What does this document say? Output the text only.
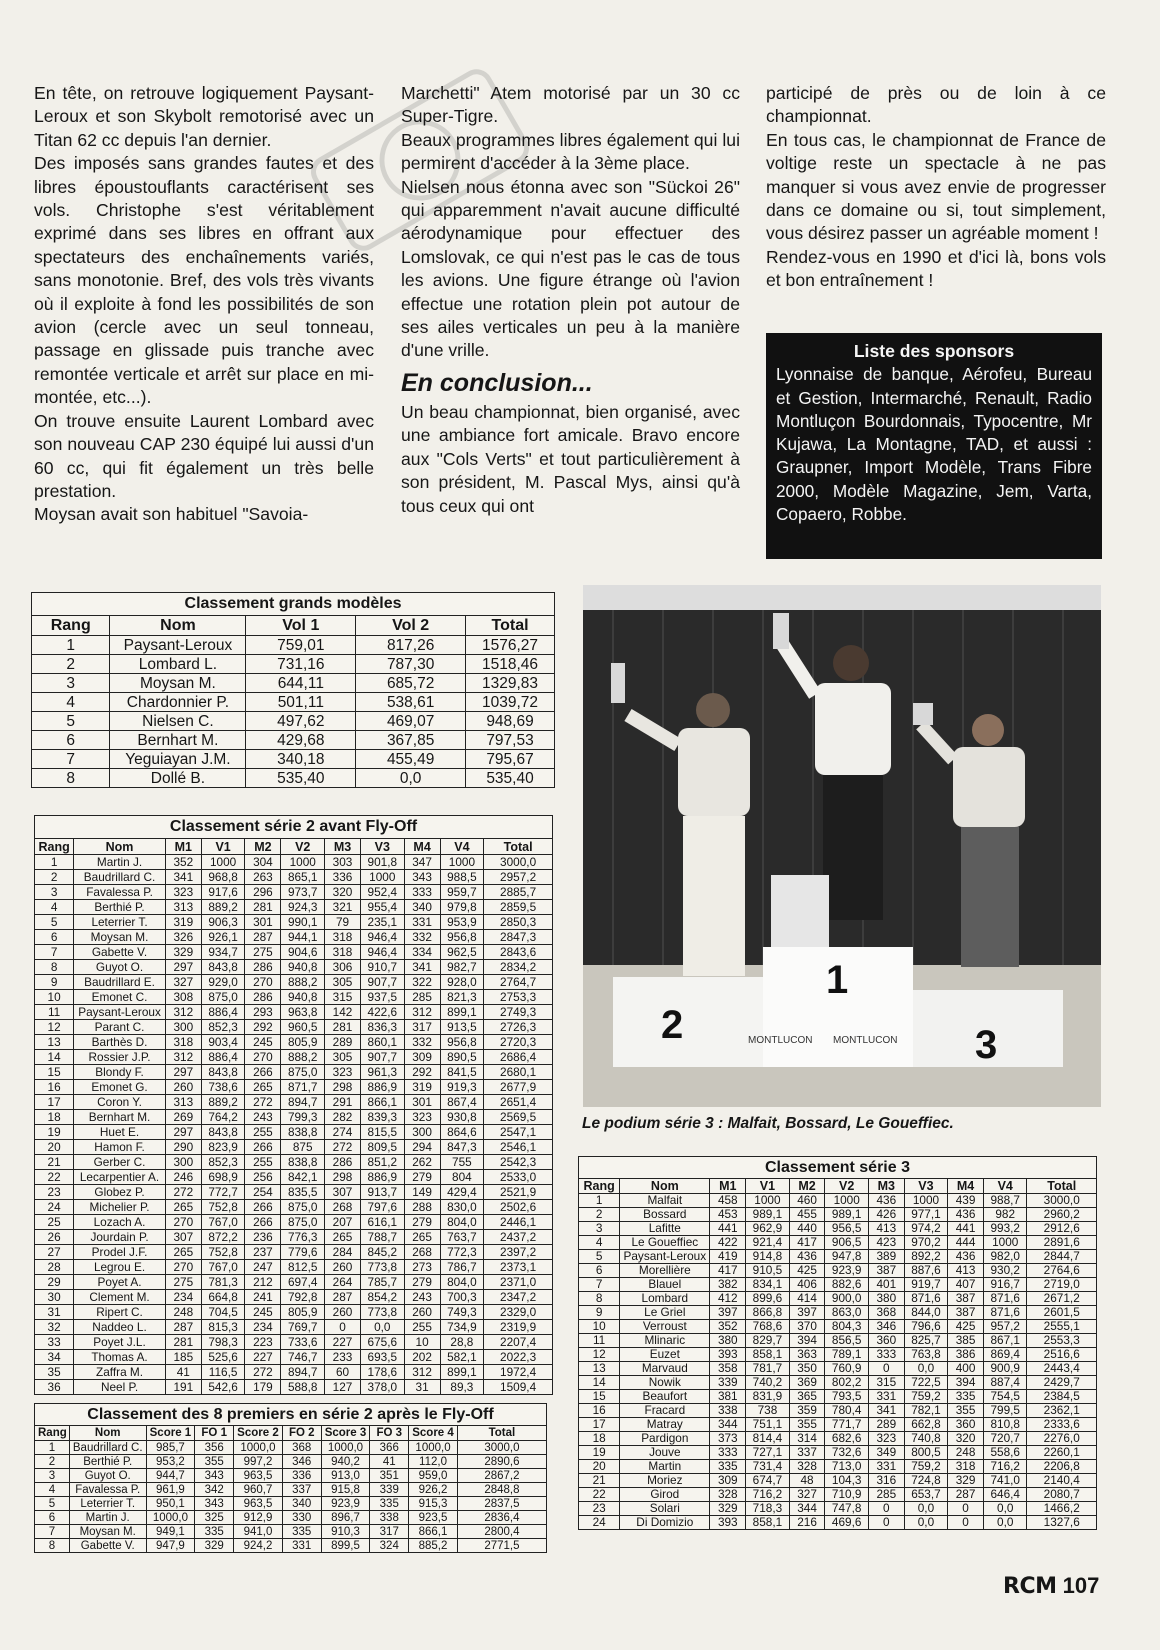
En tête, on retrouve logiquement Paysant-Leroux et son Skybolt remotorisé avec un Titan 62 cc depuis l'an dernier.

Des imposés sans grandes fautes et des libres époustouflants caractérisent ses vols. Christophe s'est véritablement exprimé dans ses libres en offrant aux spectateurs des enchaînements variés, sans monotonie. Bref, des vols très vivants où il exploite à fond les possibilités de son avion (cercle avec un seul tonneau, passage en glissade puis tranche avec remontée verticale et arrêt sur place en mi-montée, etc...).

On trouve ensuite Laurent Lombard avec son nouveau CAP 230 équipé lui aussi d'un 60 cc, qui fit également un très belle prestation.

Moysan avait son habituel "Savoia-

Marchetti" Atem motorisé par un 30 cc Super-Tigre.

Beaux programmes libres également qui lui permirent d'accéder à la 3ème place.

Nielsen nous étonna avec son "Sückoi 26" qui apparemment n'avait aucune difficulté aérodynamique pour effectuer des Lomslovak, ce qui n'est pas le cas de tous les avions. Une figure étrange où l'avion effectue une rotation plein pot autour de ses ailes verticales un peu à la manière d'une vrille.

En conclusion...

Un beau championnat, bien organisé, avec une ambiance fort amicale. Bravo encore aux "Cols Verts" et tout particulièrement à son président, M. Pascal Mys, ainsi qu'à tous ceux qui ont

participé de près ou de loin à ce championnat.

En tous cas, le championnat de France de voltige reste un spectacle à ne pas manquer si vous avez envie de progresser dans ce domaine ou si, tout simplement, vous désirez passer un agréable moment !

Rendez-vous en 1990 et d'ici là, bons vols et bon entraînement !

Liste des sponsors
Lyonnaise de banque, Aérofeu, Bureau et Gestion, Intermarché, Renault, Radio Montluçon Bourdonnais, Typocentre, Mr Kujawa, La Montagne, TAD, et aussi : Graupner, Import Modèle, Trans Fibre 2000, Modèle Magazine, Jem, Varta, Copaero, Robbe.
Classement grands modèles
Rang	Nom	Vol 1	Vol 2	Total
1	Paysant-Leroux	759,01	817,26	1576,27
2	Lombard L.	731,16	787,30	1518,46
3	Moysan M.	644,11	685,72	1329,83
4	Chardonnier P.	501,11	538,61	1039,72
5	Nielsen C.	497,62	469,07	948,69
6	Bernhart M.	429,68	367,85	797,53
7	Yeguiayan J.M.	340,18	455,49	795,67
8	Dollé B.	535,40	0,0	535,40
Classement série 2 avant Fly-Off
Rang	Nom	M1	V1	M2	V2	M3	V3	M4	V4	Total
1	Martin J.	352	1000	304	1000	303	901,8	347	1000	3000,0
2	Baudrillard C.	341	968,8	263	865,1	336	1000	343	988,5	2957,2
3	Favalessa P.	323	917,6	296	973,7	320	952,4	333	959,7	2885,7
4	Berthié P.	313	889,2	281	924,3	321	955,4	340	979,8	2859,5
5	Leterrier T.	319	906,3	301	990,1	79	235,1	331	953,9	2850,3
6	Moysan M.	326	926,1	287	944,1	318	946,4	332	956,8	2847,3
7	Gabette V.	329	934,7	275	904,6	318	946,4	334	962,5	2843,6
8	Guyot O.	297	843,8	286	940,8	306	910,7	341	982,7	2834,2
9	Baudrillard E.	327	929,0	270	888,2	305	907,7	322	928,0	2764,7
10	Emonet C.	308	875,0	286	940,8	315	937,5	285	821,3	2753,3
11	Paysant-Leroux	312	886,4	293	963,8	142	422,6	312	899,1	2749,3
12	Parant C.	300	852,3	292	960,5	281	836,3	317	913,5	2726,3
13	Barthès D.	318	903,4	245	805,9	289	860,1	332	956,8	2720,3
14	Rossier J.P.	312	886,4	270	888,2	305	907,7	309	890,5	2686,4
15	Blondy F.	297	843,8	266	875,0	323	961,3	292	841,5	2680,1
16	Emonet G.	260	738,6	265	871,7	298	886,9	319	919,3	2677,9
17	Coron Y.	313	889,2	272	894,7	291	866,1	301	867,4	2651,4
18	Bernhart M.	269	764,2	243	799,3	282	839,3	323	930,8	2569,5
19	Huet E.	297	843,8	255	838,8	274	815,5	300	864,6	2547,1
20	Hamon F.	290	823,9	266	875	272	809,5	294	847,3	2546,1
21	Gerber C.	300	852,3	255	838,8	286	851,2	262	755	2542,3
22	Lecarpentier A.	246	698,9	256	842,1	298	886,9	279	804	2533,0
23	Globez P.	272	772,7	254	835,5	307	913,7	149	429,4	2521,9
24	Michelier P.	265	752,8	266	875,0	268	797,6	288	830,0	2502,6
25	Lozach A.	270	767,0	266	875,0	207	616,1	279	804,0	2446,1
26	Jourdain P.	307	872,2	236	776,3	265	788,7	265	763,7	2437,2
27	Prodel J.F.	265	752,8	237	779,6	284	845,2	268	772,3	2397,2
28	Legrou E.	270	767,0	247	812,5	260	773,8	273	786,7	2373,1
29	Poyet A.	275	781,3	212	697,4	264	785,7	279	804,0	2371,0
30	Clement M.	234	664,8	241	792,8	287	854,2	243	700,3	2347,2
31	Ripert C.	248	704,5	245	805,9	260	773,8	260	749,3	2329,0
32	Naddeo L.	287	815,3	234	769,7	0	0,0	255	734,9	2319,9
33	Poyet J.L.	281	798,3	223	733,6	227	675,6	10	28,8	2207,4
34	Thomas A.	185	525,6	227	746,7	233	693,5	202	582,1	2022,3
35	Zaffra M.	41	116,5	272	894,7	60	178,6	312	899,1	1972,4
36	Neel P.	191	542,6	179	588,8	127	378,0	31	89,3	1509,4
Classement des 8 premiers en série 2 après le Fly-Off
Rang	Nom	Score 1	FO 1	Score 2	FO 2	Score 3	FO 3	Score 4	Total
1	Baudrillard C.	985,7	356	1000,0	368	1000,0	366	1000,0	3000,0
2	Berthié P.	953,2	355	997,2	346	940,2	41	112,0	2890,6
3	Guyot O.	944,7	343	963,5	336	913,0	351	959,0	2867,2
4	Favalessa P.	961,9	342	960,7	337	915,8	339	926,2	2848,8
5	Leterrier T.	950,1	343	963,5	340	923,9	335	915,3	2837,5
6	Martin J.	1000,0	325	912,9	330	896,7	338	923,5	2836,4
7	Moysan M.	949,1	335	941,0	335	910,3	317	866,1	2800,4
8	Gabette V.	947,9	329	924,2	331	899,5	324	885,2	2771,5
Classement série 3
Rang	Nom	M1	V1	M2	V2	M3	V3	M4	V4	Total
1	Malfait	458	1000	460	1000	436	1000	439	988,7	3000,0
2	Bossard	453	989,1	455	989,1	426	977,1	436	982	2960,2
3	Lafitte	441	962,9	440	956,5	413	974,2	441	993,2	2912,6
4	Le Goueffiec	422	921,4	417	906,5	423	970,2	444	1000	2891,6
5	Paysant-Leroux	419	914,8	436	947,8	389	892,2	436	982,0	2844,7
6	Morellière	417	910,5	425	923,9	387	887,6	413	930,2	2764,6
7	Blauel	382	834,1	406	882,6	401	919,7	407	916,7	2719,0
8	Lombard	412	899,6	414	900,0	380	871,6	387	871,6	2671,2
9	Le Griel	397	866,8	397	863,0	368	844,0	387	871,6	2601,5
10	Verroust	352	768,6	370	804,3	346	796,6	425	957,2	2555,1
11	Mlinaric	380	829,7	394	856,5	360	825,7	385	867,1	2553,3
12	Euzet	393	858,1	363	789,1	333	763,8	386	869,4	2516,6
13	Marvaud	358	781,7	350	760,9	0	0,0	400	900,9	2443,4
14	Nowik	339	740,2	369	802,2	315	722,5	394	887,4	2429,7
15	Beaufort	381	831,9	365	793,5	331	759,2	335	754,5	2384,5
16	Fracard	338	738	359	780,4	341	782,1	355	799,5	2362,1
17	Matray	344	751,1	355	771,7	289	662,8	360	810,8	2333,6
18	Pardigon	373	814,4	314	682,6	323	740,8	320	720,7	2276,0
19	Jouve	333	727,1	337	732,6	349	800,5	248	558,6	2260,1
20	Martin	335	731,4	328	713,0	331	759,2	318	716,2	2206,8
21	Moriez	309	674,7	48	104,3	316	724,8	329	741,0	2140,4
22	Girod	328	716,2	327	710,9	285	653,7	287	646,4	2080,7
23	Solari	329	718,3	344	747,8	0	0,0	0	0,0	1466,2
24	Di Domizio	393	858,1	216	469,6	0	0,0	0	0,0	1327,6
2
1
3
MONTLUCON MONTLUCON
Le podium série 3 : Malfait, Bossard, Le Goueffiec.
RCM 107
